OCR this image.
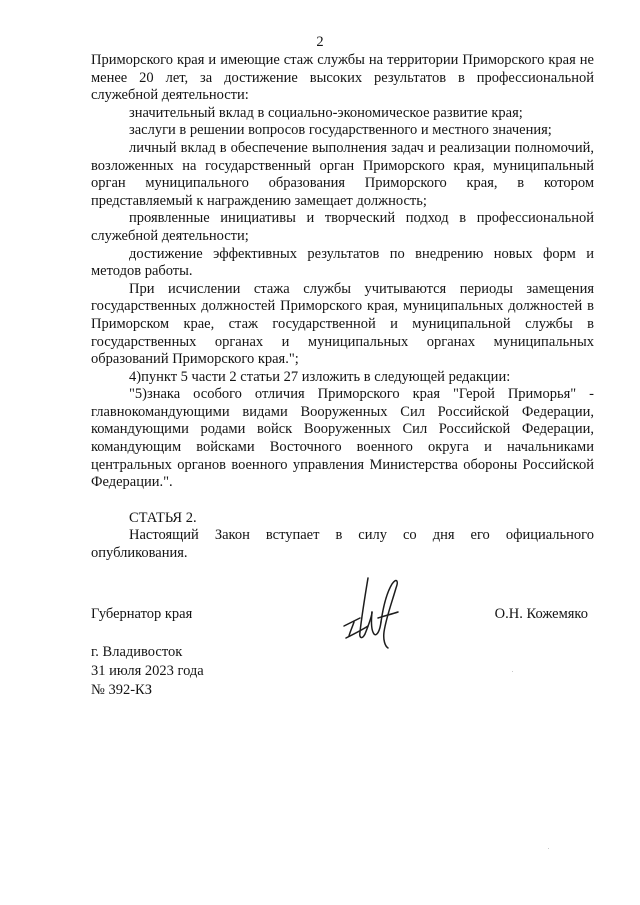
2

Приморского края и имеющие стаж службы на территории Приморского края не менее 20 лет, за достижение высоких результатов в профессиональной служебной деятельности:

значительный вклад в социально-экономическое развитие края;

заслуги в решении вопросов государственного и местного значения;

личный вклад в обеспечение выполнения задач и реализации полномочий, возложенных на государственный орган Приморского края, муниципальный орган муниципального образования Приморского края, в котором представляемый к награждению замещает должность;

проявленные инициативы и творческий подход в профессиональной служебной деятельности;

достижение эффективных результатов по внедрению новых форм и методов работы.

При исчислении стажа службы учитываются периоды замещения государственных должностей Приморского края, муниципальных должностей в Приморском крае, стаж государственной и муниципальной службы в государственных органах и муниципальных органах муниципальных образований Приморского края.";

4)пункт 5 части 2 статьи 27 изложить в следующей редакции:

"5)знака особого отличия Приморского края "Герой Приморья" - главнокомандующими видами Вооруженных Сил Российской Федерации, командующими родами войск Вооруженных Сил Российской Федерации, командующим войсками Восточного военного округа и начальниками центральных органов военного управления Министерства обороны Российской Федерации.".

СТАТЬЯ 2.

Настоящий Закон вступает в силу со дня его официального опубликования.

Губернатор края	О.Н. Кожемяко
г. Владивосток
31 июля 2023 года
№ 392-КЗ
